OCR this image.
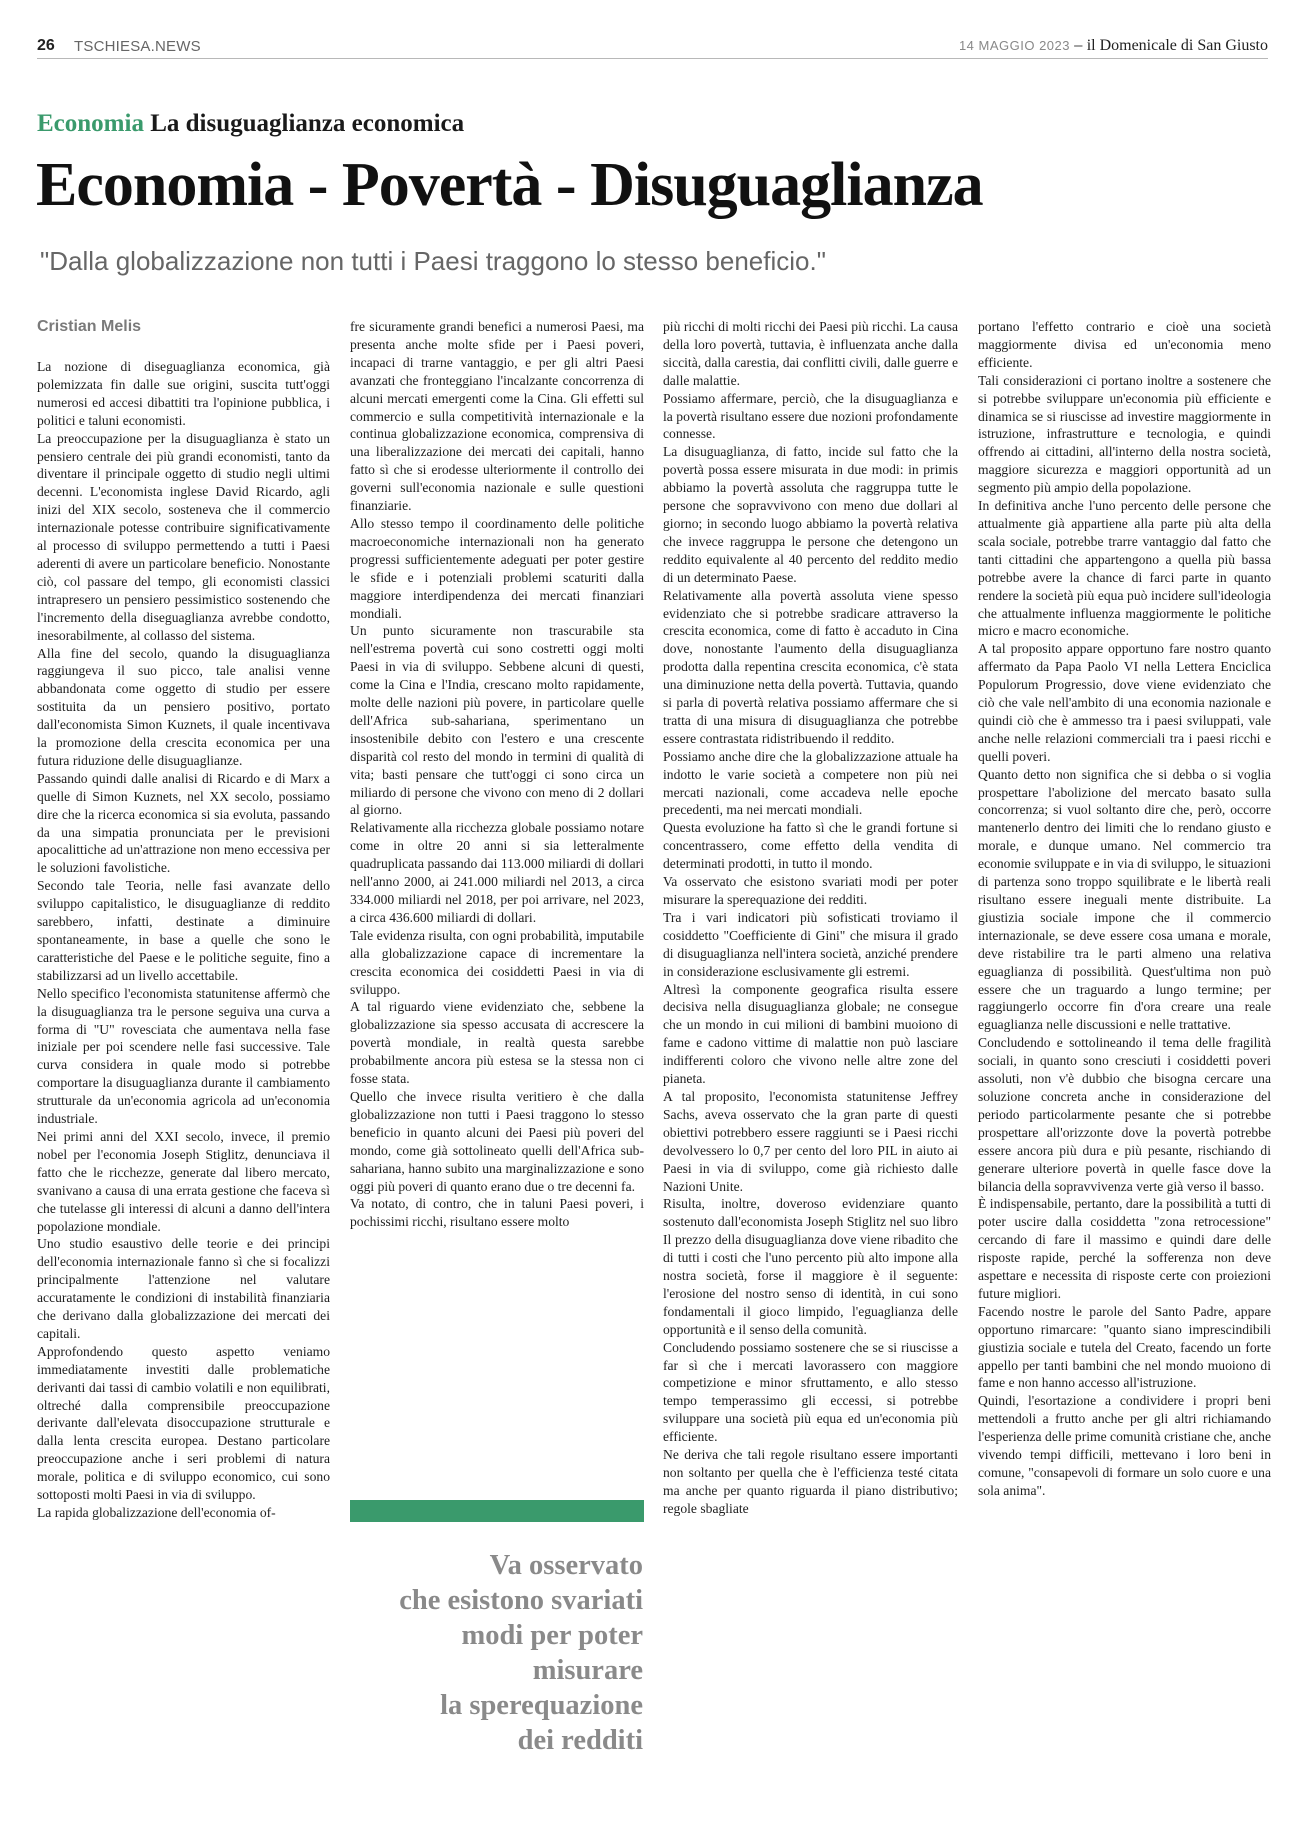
26 TSCHIESA.NEWS	14 MAGGIO 2023 – il Domenicale di San Giusto
Economia La disuguaglianza economica
Economia - Povertà - Disuguaglianza

"Dalla globalizzazione non tutti i Paesi traggono lo stesso beneficio."

Cristian Melis

La nozione di diseguaglianza economica, già polemizzata fin dalle sue origini, suscita tutt'oggi numerosi ed accesi dibattiti tra l'opinione pubblica, i politici e taluni economisti.

La preoccupazione per la disuguaglianza è stato un pensiero centrale dei più grandi economisti, tanto da diventare il principale oggetto di studio negli ultimi decenni. L'economista inglese David Ricardo, agli inizi del XIX secolo, sosteneva che il commercio internazionale potesse contribuire significativamente al processo di sviluppo permettendo a tutti i Paesi aderenti di avere un particolare beneficio. Nonostante ciò, col passare del tempo, gli economisti classici intrapresero un pensiero pessimistico sostenendo che l'incremento della diseguaglianza avrebbe condotto, inesorabilmente, al collasso del sistema.

Alla fine del secolo, quando la disuguaglianza raggiungeva il suo picco, tale analisi venne abbandonata come oggetto di studio per essere sostituita da un pensiero positivo, portato dall'economista Simon Kuznets, il quale incentivava la promozione della crescita economica per una futura riduzione delle disuguaglianze.

Passando quindi dalle analisi di Ricardo e di Marx a quelle di Simon Kuznets, nel XX secolo, possiamo dire che la ricerca economica si sia evoluta, passando da una simpatia pronunciata per le previsioni apocalittiche ad un'attrazione non meno eccessiva per le soluzioni favolistiche.

Secondo tale Teoria, nelle fasi avanzate dello sviluppo capitalistico, le disuguaglianze di reddito sarebbero, infatti, destinate a diminuire spontaneamente, in base a quelle che sono le caratteristiche del Paese e le politiche seguite, fino a stabilizzarsi ad un livello accettabile.

Nello specifico l'economista statunitense affermò che la disuguaglianza tra le persone seguiva una curva a forma di "U" rovesciata che aumentava nella fase iniziale per poi scendere nelle fasi successive. Tale curva considera in quale modo si potrebbe comportare la disuguaglianza durante il cambiamento strutturale da un'economia agricola ad un'economia industriale.

Nei primi anni del XXI secolo, invece, il premio nobel per l'economia Joseph Stiglitz, denunciava il fatto che le ricchezze, generate dal libero mercato, svanivano a causa di una errata gestione che faceva sì che tutelasse gli interessi di alcuni a danno dell'intera popolazione mondiale.

Uno studio esaustivo delle teorie e dei principi dell'economia internazionale fanno sì che si focalizzi principalmente l'attenzione nel valutare accuratamente le condizioni di instabilità finanziaria che derivano dalla globalizzazione dei mercati dei capitali.

Approfondendo questo aspetto veniamo immediatamente investiti dalle problematiche derivanti dai tassi di cambio volatili e non equilibrati, oltreché dalla comprensibile preoccupazione derivante dall'elevata disoccupazione strutturale e dalla lenta crescita europea. Destano particolare preoccupazione anche i seri problemi di natura morale, politica e di sviluppo economico, cui sono sottoposti molti Paesi in via di sviluppo.

La rapida globalizzazione dell'economia of-

fre sicuramente grandi benefici a numerosi Paesi, ma presenta anche molte sfide per i Paesi poveri, incapaci di trarne vantaggio, e per gli altri Paesi avanzati che fronteggiano l'incalzante concorrenza di alcuni mercati emergenti come la Cina. Gli effetti sul commercio e sulla competitività internazionale e la continua globalizzazione economica, comprensiva di una liberalizzazione dei mercati dei capitali, hanno fatto sì che si erodesse ulteriormente il controllo dei governi sull'economia nazionale e sulle questioni finanziarie.

Allo stesso tempo il coordinamento delle politiche macroeconomiche internazionali non ha generato progressi sufficientemente adeguati per poter gestire le sfide e i potenziali problemi scaturiti dalla maggiore interdipendenza dei mercati finanziari mondiali.

Un punto sicuramente non trascurabile sta nell'estrema povertà cui sono costretti oggi molti Paesi in via di sviluppo. Sebbene alcuni di questi, come la Cina e l'India, crescano molto rapidamente, molte delle nazioni più povere, in particolare quelle dell'Africa sub-sahariana, sperimentano un insostenibile debito con l'estero e una crescente disparità col resto del mondo in termini di qualità di vita; basti pensare che tutt'oggi ci sono circa un miliardo di persone che vivono con meno di 2 dollari al giorno.

Relativamente alla ricchezza globale possiamo notare come in oltre 20 anni si sia letteralmente quadruplicata passando dai 113.000 miliardi di dollari nell'anno 2000, ai 241.000 miliardi nel 2013, a circa 334.000 miliardi nel 2018, per poi arrivare, nel 2023, a circa 436.600 miliardi di dollari.

Tale evidenza risulta, con ogni probabilità, imputabile alla globalizzazione capace di incrementare la crescita economica dei cosiddetti Paesi in via di sviluppo.

A tal riguardo viene evidenziato che, sebbene la globalizzazione sia spesso accusata di accrescere la povertà mondiale, in realtà questa sarebbe probabilmente ancora più estesa se la stessa non ci fosse stata.

Quello che invece risulta veritiero è che dalla globalizzazione non tutti i Paesi traggono lo stesso beneficio in quanto alcuni dei Paesi più poveri del mondo, come già sottolineato quelli dell'Africa sub-sahariana, hanno subito una marginalizzazione e sono oggi più poveri di quanto erano due o tre decenni fa.

Va notato, di contro, che in taluni Paesi poveri, i pochissimi ricchi, risultano essere molto

più ricchi di molti ricchi dei Paesi più ricchi. La causa della loro povertà, tuttavia, è influenzata anche dalla siccità, dalla carestia, dai conflitti civili, dalle guerre e dalle malattie.

Possiamo affermare, perciò, che la disuguaglianza e la povertà risultano essere due nozioni profondamente connesse.

La disuguaglianza, di fatto, incide sul fatto che la povertà possa essere misurata in due modi: in primis abbiamo la povertà assoluta che raggruppa tutte le persone che sopravvivono con meno due dollari al giorno; in secondo luogo abbiamo la povertà relativa che invece raggruppa le persone che detengono un reddito equivalente al 40 percento del reddito medio di un determinato Paese.

Relativamente alla povertà assoluta viene spesso evidenziato che si potrebbe sradicare attraverso la crescita economica, come di fatto è accaduto in Cina dove, nonostante l'aumento della disuguaglianza prodotta dalla repentina crescita economica, c'è stata una diminuzione netta della povertà. Tuttavia, quando si parla di povertà relativa possiamo affermare che si tratta di una misura di disuguaglianza che potrebbe essere contrastata ridistribuendo il reddito.

Possiamo anche dire che la globalizzazione attuale ha indotto le varie società a competere non più nei mercati nazionali, come accadeva nelle epoche precedenti, ma nei mercati mondiali.

Questa evoluzione ha fatto sì che le grandi fortune si concentrassero, come effetto della vendita di determinati prodotti, in tutto il mondo.

Va osservato che esistono svariati modi per poter misurare la sperequazione dei redditi.

Tra i vari indicatori più sofisticati troviamo il cosiddetto "Coefficiente di Gini" che misura il grado di disuguaglianza nell'intera società, anziché prendere in considerazione esclusivamente gli estremi.

Altresì la componente geografica risulta essere decisiva nella disuguaglianza globale; ne consegue che un mondo in cui milioni di bambini muoiono di fame e cadono vittime di malattie non può lasciare indifferenti coloro che vivono nelle altre zone del pianeta.

A tal proposito, l'economista statunitense Jeffrey Sachs, aveva osservato che la gran parte di questi obiettivi potrebbero essere raggiunti se i Paesi ricchi devolvessero lo 0,7 per cento del loro PIL in aiuto ai Paesi in via di sviluppo, come già richiesto dalle Nazioni Unite.

Risulta, inoltre, doveroso evidenziare quanto sostenuto dall'economista Joseph Stiglitz nel suo libro Il prezzo della disuguaglianza dove viene ribadito che di tutti i costi che l'uno percento più alto impone alla nostra società, forse il maggiore è il seguente: l'erosione del nostro senso di identità, in cui sono fondamentali il gioco limpido, l'eguaglianza delle opportunità e il senso della comunità.

Concludendo possiamo sostenere che se si riuscisse a far sì che i mercati lavorassero con maggiore competizione e minor sfruttamento, e allo stesso tempo temperassimo gli eccessi, si potrebbe sviluppare una società più equa ed un'economia più efficiente.

Ne deriva che tali regole risultano essere importanti non soltanto per quella che è l'efficienza testé citata ma anche per quanto riguarda il piano distributivo; regole sbagliate

portano l'effetto contrario e cioè una società maggiormente divisa ed un'economia meno efficiente.

Tali considerazioni ci portano inoltre a sostenere che si potrebbe sviluppare un'economia più efficiente e dinamica se si riuscisse ad investire maggiormente in istruzione, infrastrutture e tecnologia, e quindi offrendo ai cittadini, all'interno della nostra società, maggiore sicurezza e maggiori opportunità ad un segmento più ampio della popolazione.

In definitiva anche l'uno percento delle persone che attualmente già appartiene alla parte più alta della scala sociale, potrebbe trarre vantaggio dal fatto che tanti cittadini che appartengono a quella più bassa potrebbe avere la chance di farci parte in quanto rendere la società più equa può incidere sull'ideologia che attualmente influenza maggiormente le politiche micro e macro economiche.

A tal proposito appare opportuno fare nostro quanto affermato da Papa Paolo VI nella Lettera Enciclica Populorum Progressio, dove viene evidenziato che ciò che vale nell'ambito di una economia nazionale e quindi ciò che è ammesso tra i paesi sviluppati, vale anche nelle relazioni commerciali tra i paesi ricchi e quelli poveri.

Quanto detto non significa che si debba o si voglia prospettare l'abolizione del mercato basato sulla concorrenza; si vuol soltanto dire che, però, occorre mantenerlo dentro dei limiti che lo rendano giusto e morale, e dunque umano. Nel commercio tra economie sviluppate e in via di sviluppo, le situazioni di partenza sono troppo squilibrate e le libertà reali risultano essere ineguali mente distribuite. La giustizia sociale impone che il commercio internazionale, se deve essere cosa umana e morale, deve ristabilire tra le parti almeno una relativa eguaglianza di possibilità. Quest'ultima non può essere che un traguardo a lungo termine; per raggiungerlo occorre fin d'ora creare una reale eguaglianza nelle discussioni e nelle trattative.

Concludendo e sottolineando il tema delle fragilità sociali, in quanto sono cresciuti i cosiddetti poveri assoluti, non v'è dubbio che bisogna cercare una soluzione concreta anche in considerazione del periodo particolarmente pesante che si potrebbe prospettare all'orizzonte dove la povertà potrebbe essere ancora più dura e più pesante, rischiando di generare ulteriore povertà in quelle fasce dove la bilancia della sopravvivenza verte già verso il basso.

È indispensabile, pertanto, dare la possibilità a tutti di poter uscire dalla cosiddetta "zona retrocessione" cercando di fare il massimo e quindi dare delle risposte rapide, perché la sofferenza non deve aspettare e necessita di risposte certe con proiezioni future migliori.

Facendo nostre le parole del Santo Padre, appare opportuno rimarcare: "quanto siano imprescindibili giustizia sociale e tutela del Creato, facendo un forte appello per tanti bambini che nel mondo muoiono di fame e non hanno accesso all'istruzione.

Quindi, l'esortazione a condividere i propri beni mettendoli a frutto anche per gli altri richiamando l'esperienza delle prime comunità cristiane che, anche vivendo tempi difficili, mettevano i loro beni in comune, "consapevoli di formare un solo cuore e una sola anima".

Va osservato
che esistono svariati
modi per poter
misurare
la sperequazione
dei redditi
